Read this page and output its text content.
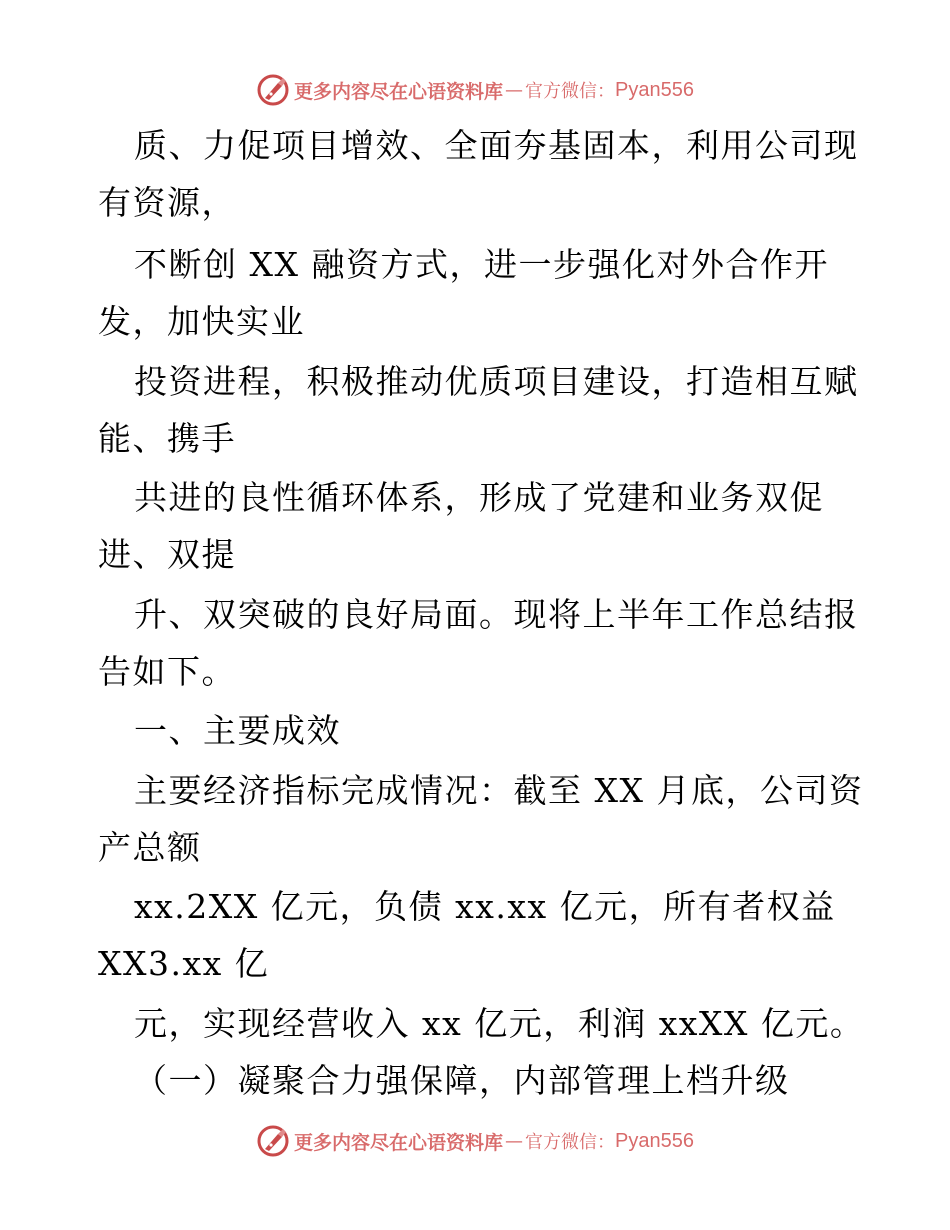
更多内容尽在心语资料库 — 官方微信： Pyan556
质、力促项目增效、全面夯基固本，利用公司现
有资源，
不断创 XX 融资方式，进一步强化对外合作开
发，加快实业
投资进程，积极推动优质项目建设，打造相互赋
能、携手
共进的良性循环体系，形成了党建和业务双促
进、双提
升、双突破的良好局面。现将上半年工作总结报
告如下。
一、主要成效
主要经济指标完成情况：截至 XX 月底，公司资
产总额
xx.2XX 亿元，负债 xx.xx 亿元，所有者权益
XX3.xx 亿
元，实现经营收入 xx 亿元，利润 xxXX 亿元。
（一）凝聚合力强保障，内部管理上档升级
更多内容尽在心语资料库 — 官方微信： Pyan556
